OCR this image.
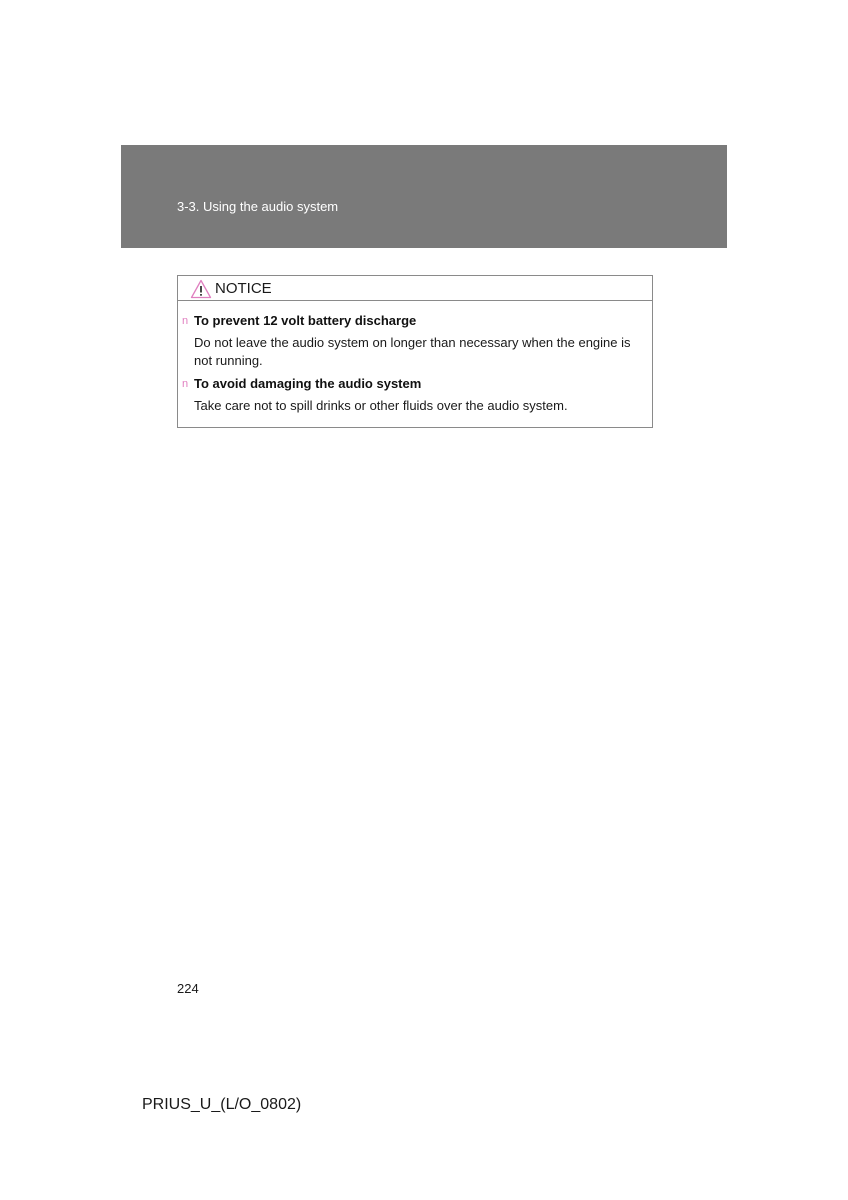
3-3. Using the audio system
NOTICE
n To prevent 12 volt battery discharge
Do not leave the audio system on longer than necessary when the engine is not running.
n To avoid damaging the audio system
Take care not to spill drinks or other fluids over the audio system.
224
PRIUS_U_(L/O_0802)
